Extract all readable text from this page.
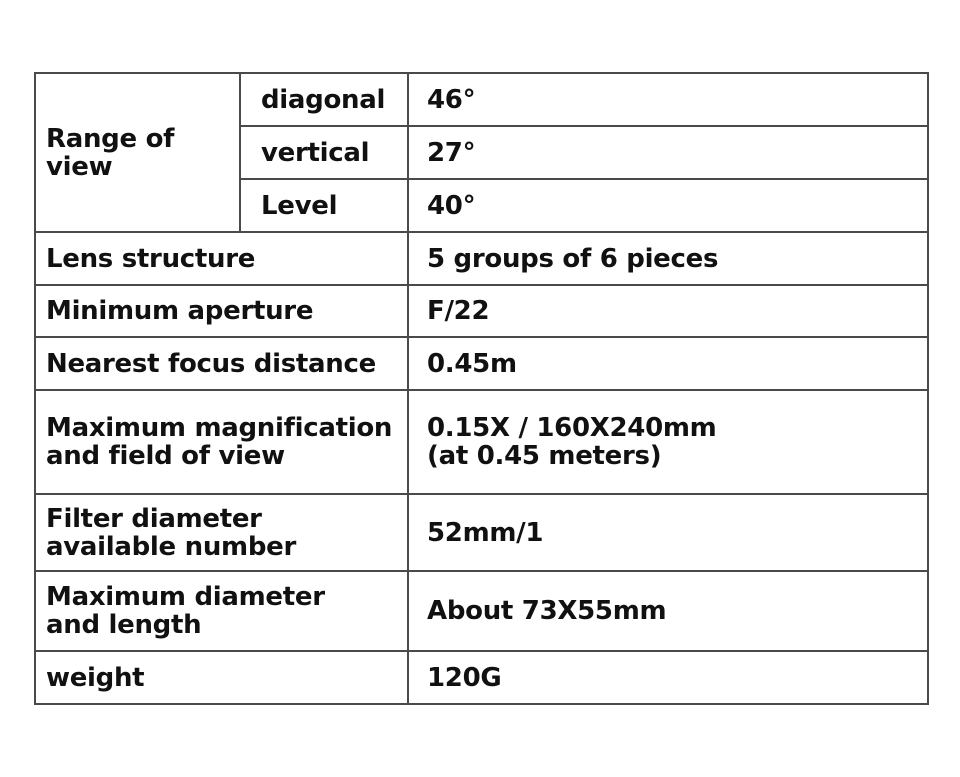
Range of view	diagonal	46°
	vertical	27°
	Level	40°

Lens structure		5 groups of 6 pieces

Minimum aperture		F/22

Nearest focus distance		0.45m

Maximum magnification
and field of view		0.15X / 160X240mm
(at 0.45 meters)

Filter diameter
available number		52mm/1

Maximum diameter
and length		About 73X55mm

weight		120G
